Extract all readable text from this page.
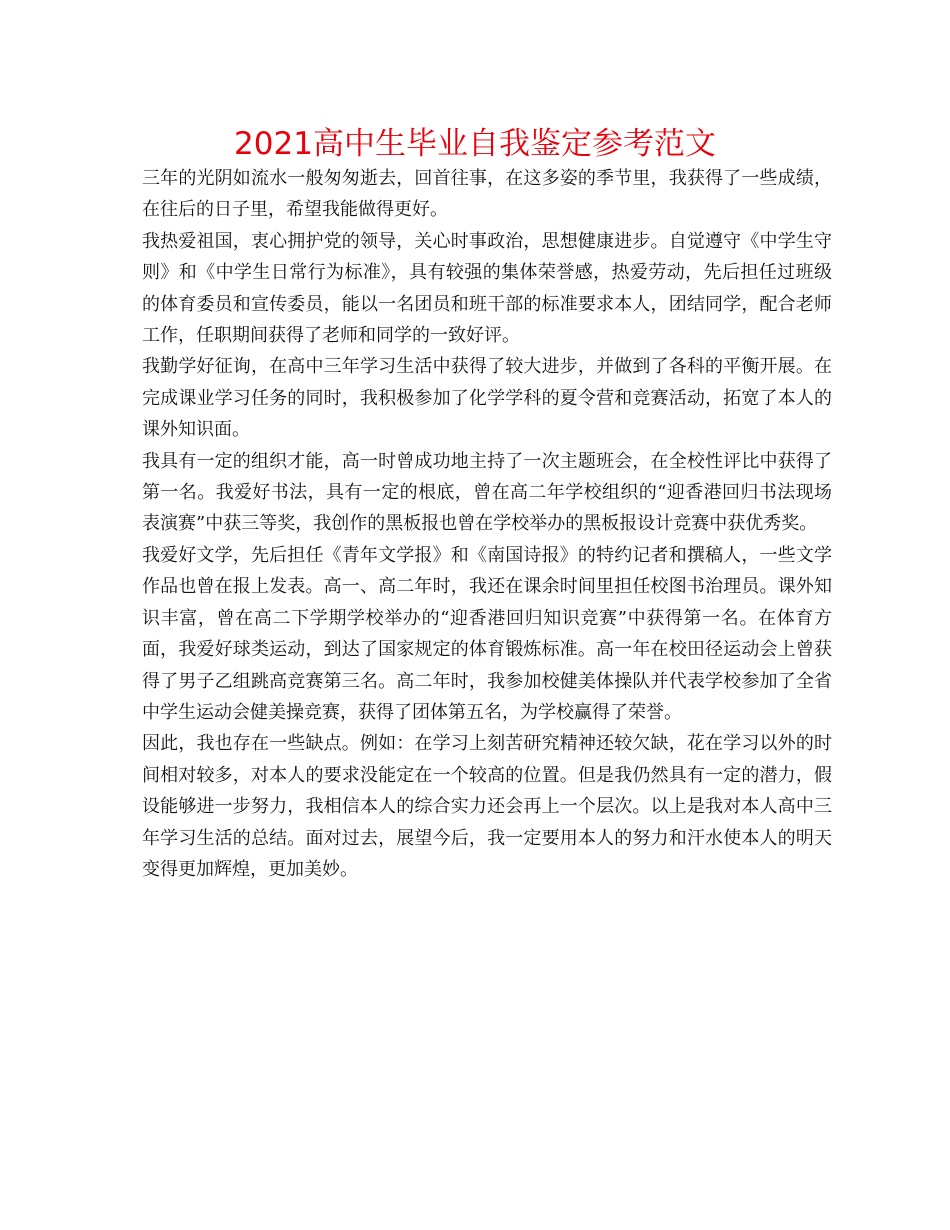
2021高中生毕业自我鉴定参考范文

三年的光阴如流水一般匆匆逝去，回首往事，在这多姿的季节里，我获得了一些成绩，在往后的日子里，希望我能做得更好。

我热爱祖国，衷心拥护党的领导，关心时事政治，思想健康进步。自觉遵守《中学生守则》和《中学生日常行为标准》，具有较强的集体荣誉感，热爱劳动，先后担任过班级的体育委员和宣传委员，能以一名团员和班干部的标准要求本人，团结同学，配合老师工作，任职期间获得了老师和同学的一致好评。

我勤学好征询，在高中三年学习生活中获得了较大进步，并做到了各科的平衡开展。在完成课业学习任务的同时，我积极参加了化学学科的夏令营和竞赛活动，拓宽了本人的课外知识面。

我具有一定的组织才能，高一时曾成功地主持了一次主题班会，在全校性评比中获得了第一名。我爱好书法，具有一定的根底，曾在高二年学校组织的“迎香港回归书法现场表演赛”中获三等奖，我创作的黑板报也曾在学校举办的黑板报设计竞赛中获优秀奖。

我爱好文学，先后担任《青年文学报》和《南国诗报》的特约记者和撰稿人，一些文学作品也曾在报上发表。高一、高二年时，我还在课余时间里担任校图书治理员。课外知识丰富，曾在高二下学期学校举办的“迎香港回归知识竞赛”中获得第一名。在体育方面，我爱好球类运动，到达了国家规定的体育锻炼标准。高一年在校田径运动会上曾获得了男子乙组跳高竞赛第三名。高二年时，我参加校健美体操队并代表学校参加了全省中学生运动会健美操竞赛，获得了团体第五名，为学校赢得了荣誉。

因此，我也存在一些缺点。例如：在学习上刻苦研究精神还较欠缺，花在学习以外的时间相对较多，对本人的要求没能定在一个较高的位置。但是我仍然具有一定的潜力，假设能够进一步努力，我相信本人的综合实力还会再上一个层次。以上是我对本人高中三年学习生活的总结。面对过去，展望今后，我一定要用本人的努力和汗水使本人的明天变得更加辉煌，更加美妙。
